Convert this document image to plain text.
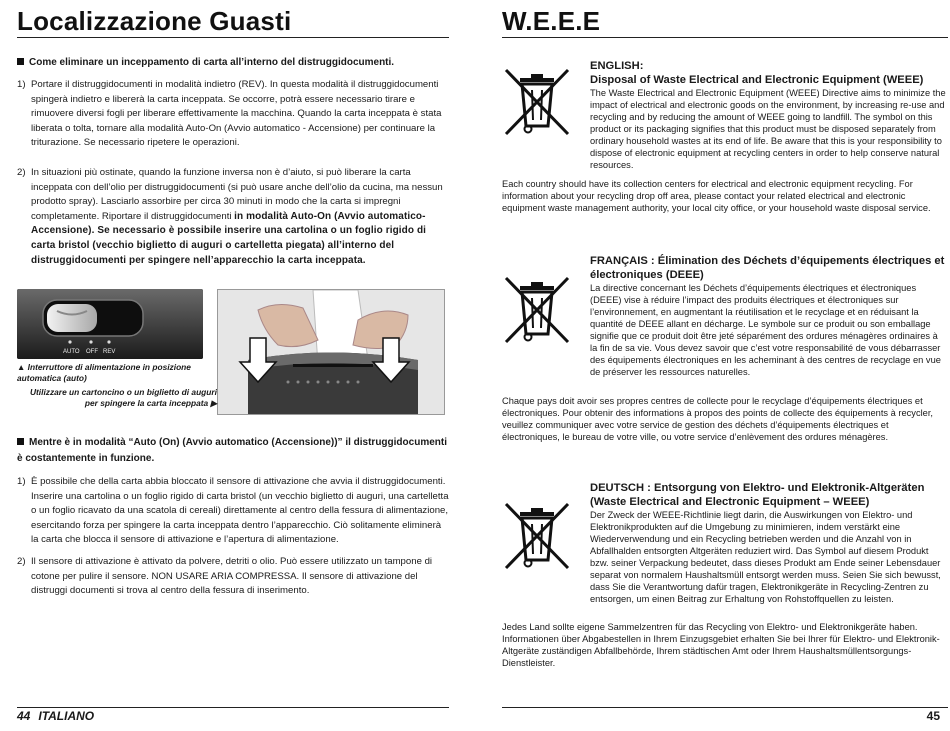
Localizzazione Guasti
Come eliminare un inceppamento di carta all’interno del distruggidocumenti.
1) Portare il distruggidocumenti in modalità indietro (REV). In questa modalità il distruggidocumenti spingerà indietro e libererà la carta inceppata. Se occorre, potrà essere necessario tirare e rimuovere diversi fogli per liberare effettivamente la macchina. Quando la carta inceppata è stata liberata o tolta, tornare alla modalità Auto-On (Avvio automatico - Accensione) per continuare la triturazione. Se necessario ripetere le operazioni.
2) In situazioni più ostinate, quando la funzione inversa non è d’aiuto, si può liberare la carta inceppata con dell’olio per distruggidocumenti (si può usare anche dell’olio da cucina, ma nessun prodotto spray). Lasciarlo assorbire per circa 30 minuti in modo che la carta si impregni completamente. Riportare il distruggidocumenti in modalità Auto-On (Avvio automatico-Accensione). Se necessario è possibile inserire una cartolina o un foglio rigido di carta bristol (vecchio biglietto di auguri o cartelletta piegata) all’interno del distruggidocumenti per spingere nell’apparecchio la carta inceppata.
AUTO OFF REV
▲ Interruttore di alimentazione in posizione automatica (auto)
Utilizzare un cartoncino o un biglietto di auguri per spingere la carta inceppata ▶
Mentre è in modalità “Auto (On) (Avvio automatico (Accensione))” il distruggidocumenti è costantemente in funzione.
1) È possibile che della carta abbia bloccato il sensore di attivazione che avvia il distruggidocumenti. Inserire una cartolina o un foglio rigido di carta bristol (un vecchio biglietto di auguri, una cartelletta o un foglio ricavato da una scatola di cereali) direttamente al centro della fessura di alimentazione, esercitando forza per spingere la carta inceppata dentro l’apparecchio. Ciò solitamente eliminerà la carta che blocca il sensore di attivazione e l’apertura di alimentazione.
2) Il sensore di attivazione è attivato da polvere, detriti o olio. Può essere utilizzato un tampone di cotone per pulire il sensore. NON USARE ARIA COMPRESSA. Il sensore di attivazione del distruggi documenti si trova al centro della fessura di inserimento.
44 ITALIANO
W.E.E.E
ENGLISH:
Disposal of Waste Electrical and Electronic Equipment (WEEE)
The Waste Electrical and Electronic Equipment (WEEE) Directive aims to minimize the impact of electrical and electronic goods on the environment, by increasing re-use and recycling and by reducing the amount of WEEE going to landfill. The symbol on this product or its packaging signifies that this product must be disposed separately from ordinary household wastes at its end of life. Be aware that this is your responsibility to dispose of electronic equipment at recycling centers in order to help conserve natural resources.
Each country should have its collection centers for electrical and electronic equipment recycling. For information about your recycling drop off area, please contact your related electrical and electronic equipment waste management authority, your local city office, or your household waste disposal service.
FRANÇAIS : Élimination des Déchets d’équipements électriques et électroniques (DEEE)
La directive concernant les Déchets d’équipements électriques et électroniques (DEEE) vise à réduire l’impact des produits électriques et électroniques sur l’environnement, en augmentant la réutilisation et le recyclage et en réduisant la quantité de DEEE allant en décharge. Le symbole sur ce produit ou son emballage signifie que ce produit doit être jeté séparément des ordures ménagères ordinaires à la fin de sa vie. Vous devez savoir que c’est votre responsabilité de vous débarrasser des équipements électroniques en les acheminant à des centres de recyclage en vue de préserver les ressources naturelles.
Chaque pays doit avoir ses propres centres de collecte pour le recyclage d’équipements électriques et électroniques. Pour obtenir des informations à propos des points de collecte des équipements à recycler, veuillez communiquer avec votre service de gestion des déchets d’équipements électriques et électroniques, le bureau de votre ville, ou votre service d’enlèvement des ordures ménagères.
DEUTSCH : Entsorgung von Elektro- und Elektronik-Altgeräten (Waste Electrical and Electronic Equipment – WEEE)
Der Zweck der WEEE-Richtlinie liegt darin, die Auswirkungen von Elektro- und Elektronikprodukten auf die Umgebung zu minimieren, indem verstärkt eine Wiederverwendung und ein Recycling betrieben werden und die Anzahl von in Abfallhalden entsorgten Altgeräten reduziert wird. Das Symbol auf diesem Produkt bzw. seiner Verpackung bedeutet, dass dieses Produkt am Ende seiner Lebensdauer separat von normalem Haushaltsmüll entsorgt werden muss. Seien Sie sich bewusst, dass Sie die Verantwortung dafür tragen, Elektronikgeräte in Recycling-Zentren zu entsorgen, um einen Beitrag zur Erhaltung von Rohstoffquellen zu leisten.
Jedes Land sollte eigene Sammelzentren für das Recycling von Elektro- und Elektronikgeräte haben. Informationen über Abgabestellen in Ihrem Einzugsgebiet erhalten Sie bei Ihrer für Elektro- und Elektronik-Altgeräte zuständigen Abfallbehörde, Ihrem städtischen Amt oder Ihrem Haushaltsmüllentsorgungs-Dienstleister.
45
